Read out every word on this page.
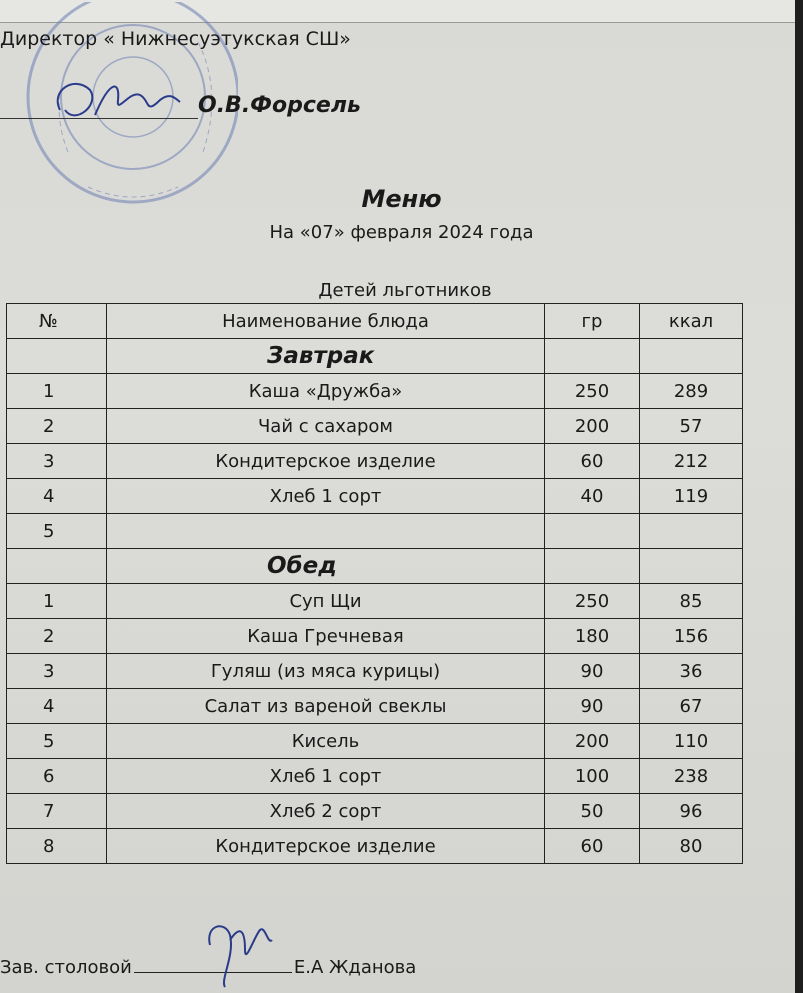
Директор « Нижнесуэтукская СШ»
О.В.Форсель
Меню
На «07» февраля 2024 года
Детей льготников
№	Наименование блюда	гр	ккал
	Завтрак		
1	Каша «Дружба»	250	289
2	Чай с сахаром	200	57
3	Кондитерское изделие	60	212
4	Хлеб 1 сорт	40	119
5			
	Обед		
1	Суп Щи	250	85
2	Каша Гречневая	180	156
3	Гуляш (из мяса курицы)	90	36
4	Салат из вареной свеклы	90	67
5	Кисель	200	110
6	Хлеб 1 сорт	100	238
7	Хлеб 2 сорт	50	96
8	Кондитерское изделие	60	80
Зав. столовой	Е.А Жданова
